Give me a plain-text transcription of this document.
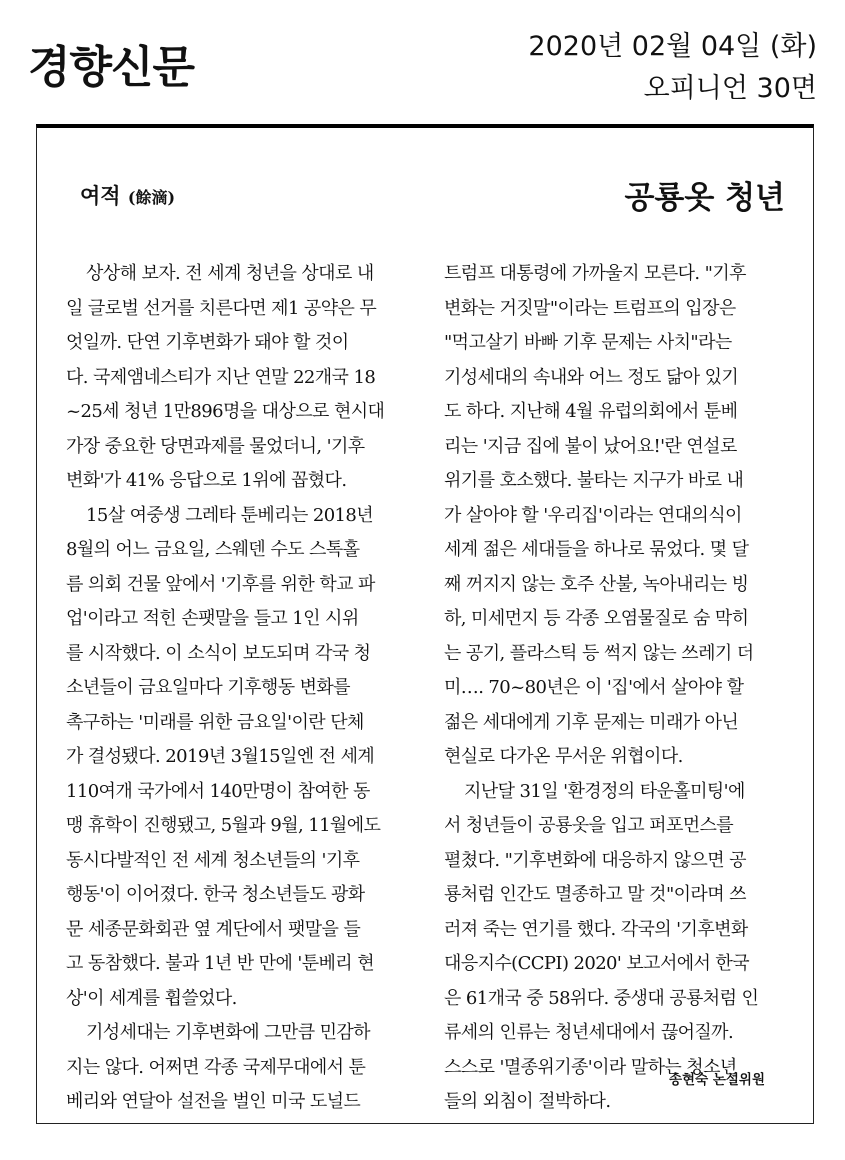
경향신문	2020년 02월 04일 (화)
오피니언 30면
여적 (餘滴)	공룡옷 청년
상상해 보자. 전 세계 청년을 상대로 내
일 글로벌 선거를 치른다면 제1 공약은 무
엇일까. 단연 기후변화가 돼야 할 것이
다. 국제앰네스티가 지난 연말 22개국 18
~25세 청년 1만896명을 대상으로 현시대
가장 중요한 당면과제를 물었더니, '기후
변화'가 41% 응답으로 1위에 꼽혔다.
15살 여중생 그레타 툰베리는 2018년
8월의 어느 금요일, 스웨덴 수도 스톡홀
름 의회 건물 앞에서 '기후를 위한 학교 파
업'이라고 적힌 손팻말을 들고 1인 시위
를 시작했다. 이 소식이 보도되며 각국 청
소년들이 금요일마다 기후행동 변화를
촉구하는 '미래를 위한 금요일'이란 단체
가 결성됐다. 2019년 3월15일엔 전 세계
110여개 국가에서 140만명이 참여한 동
맹 휴학이 진행됐고, 5월과 9월, 11월에도
동시다발적인 전 세계 청소년들의 '기후
행동'이 이어졌다. 한국 청소년들도 광화
문 세종문화회관 옆 계단에서 팻말을 들
고 동참했다. 불과 1년 반 만에 '툰베리 현
상'이 세계를 휩쓸었다.
기성세대는 기후변화에 그만큼 민감하
지는 않다. 어쩌면 각종 국제무대에서 툰
베리와 연달아 설전을 벌인 미국 도널드
트럼프 대통령에 가까울지 모른다. "기후
변화는 거짓말"이라는 트럼프의 입장은
"먹고살기 바빠 기후 문제는 사치"라는
기성세대의 속내와 어느 정도 닮아 있기
도 하다. 지난해 4월 유럽의회에서 툰베
리는 '지금 집에 불이 났어요!'란 연설로
위기를 호소했다. 불타는 지구가 바로 내
가 살아야 할 '우리집'이라는 연대의식이
세계 젊은 세대들을 하나로 묶었다. 몇 달
째 꺼지지 않는 호주 산불, 녹아내리는 빙
하, 미세먼지 등 각종 오염물질로 숨 막히
는 공기, 플라스틱 등 썩지 않는 쓰레기 더
미…. 70~80년은 이 '집'에서 살아야 할
젊은 세대에게 기후 문제는 미래가 아닌
현실로 다가온 무서운 위협이다.
지난달 31일 '환경정의 타운홀미팅'에
서 청년들이 공룡옷을 입고 퍼포먼스를
펼쳤다. "기후변화에 대응하지 않으면 공
룡처럼 인간도 멸종하고 말 것"이라며 쓰
러져 죽는 연기를 했다. 각국의 '기후변화
대응지수(CCPI) 2020' 보고서에서 한국
은 61개국 중 58위다. 중생대 공룡처럼 인
류세의 인류는 청년세대에서 끊어질까.
스스로 '멸종위기종'이라 말하는 청소년
들의 외침이 절박하다.
송현숙 논설위원
